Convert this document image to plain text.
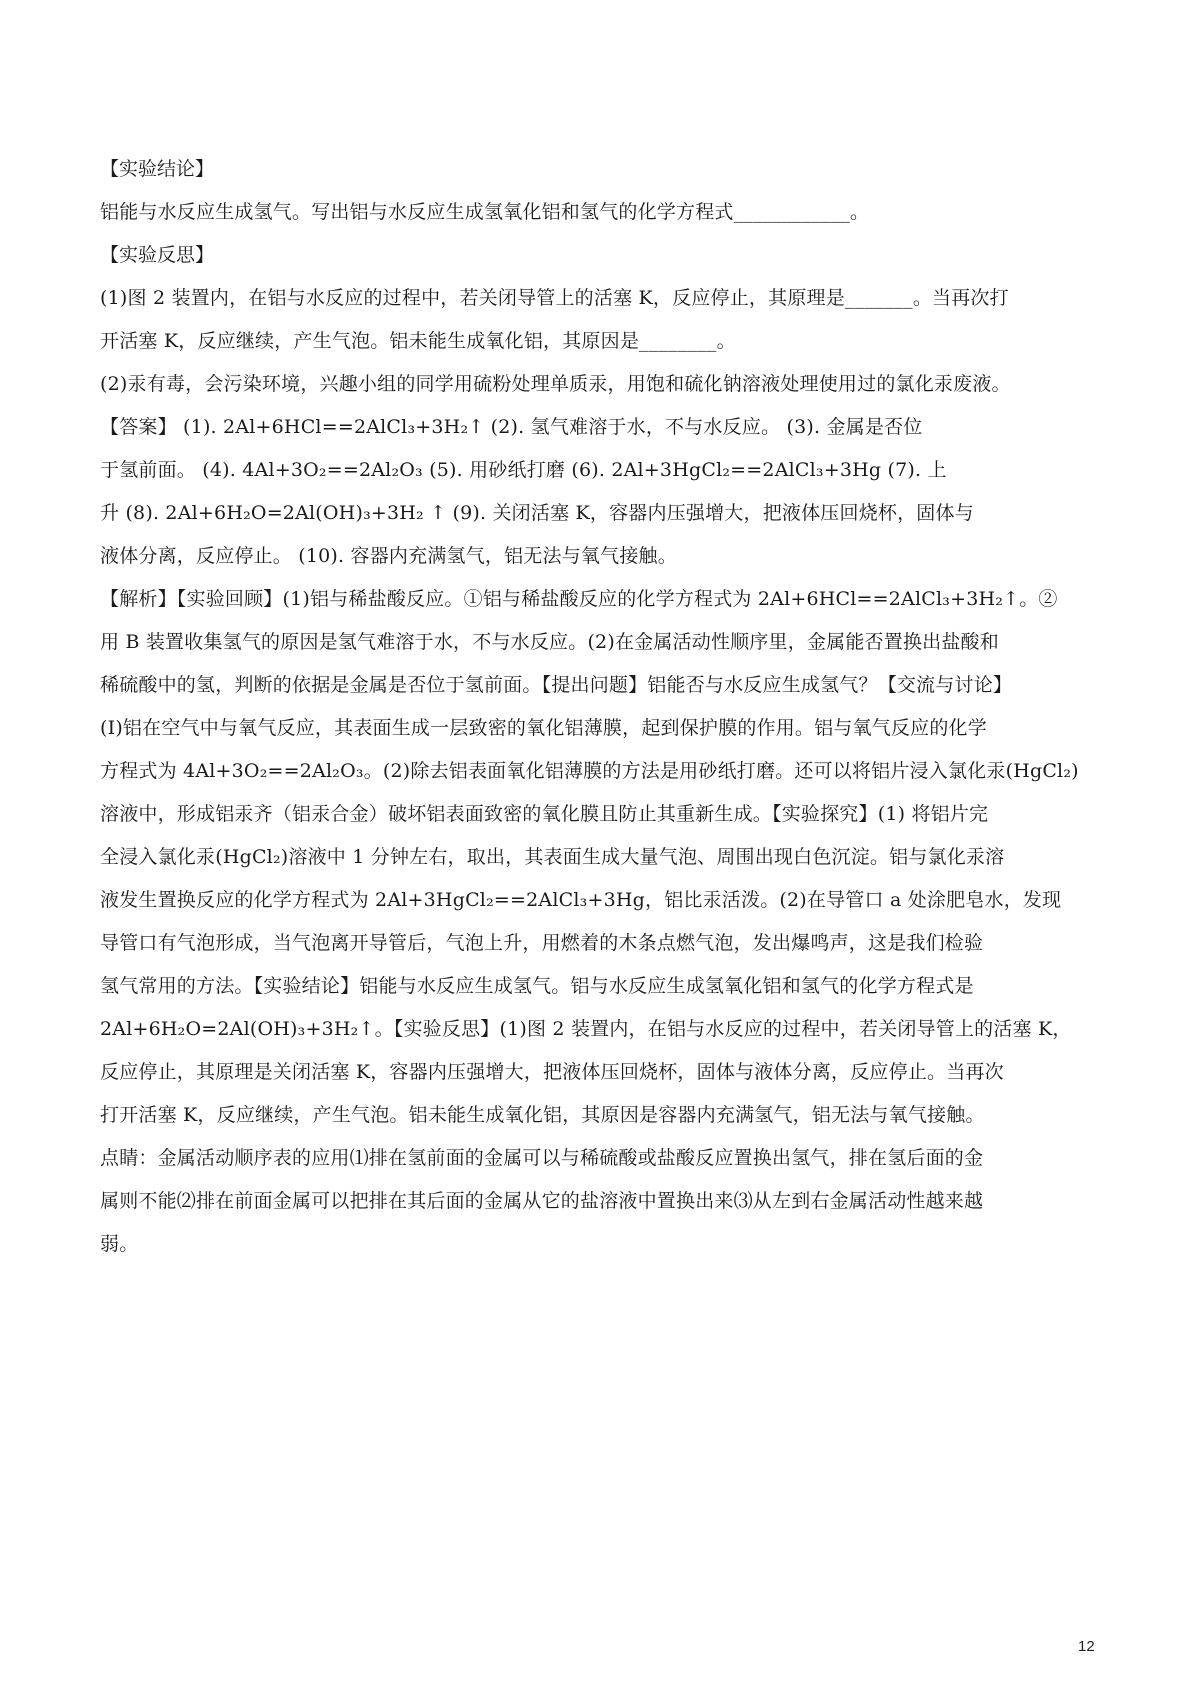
【实验结论】
铝能与水反应生成氢气。写出铝与水反应生成氢氧化铝和氢气的化学方程式____________。
【实验反思】
(1)图 2 装置内，在铝与水反应的过程中，若关闭导管上的活塞 K，反应停止，其原理是_______。当再次打
开活塞 K，反应继续，产生气泡。铝未能生成氧化铝，其原因是________。
(2)汞有毒，会污染环境，兴趣小组的同学用硫粉处理单质汞，用饱和硫化钠溶液处理使用过的氯化汞废液。
【答案】 (1). 2Al+6HCl==2AlCl₃+3H₂↑ (2). 氢气难溶于水，不与水反应。 (3). 金属是否位
于氢前面。 (4). 4Al+3O₂==2Al₂O₃ (5). 用砂纸打磨 (6). 2Al+3HgCl₂==2AlCl₃+3Hg (7). 上
升 (8). 2Al+6H₂O=2Al(OH)₃+3H₂ ↑ (9). 关闭活塞 K，容器内压强增大，把液体压回烧杯，固体与
液体分离，反应停止。 (10). 容器内充满氢气，铝无法与氧气接触。
【解析】【实验回顾】(1)铝与稀盐酸反应。①铝与稀盐酸反应的化学方程式为 2Al+6HCl==2AlCl₃+3H₂↑。②
用 B 装置收集氢气的原因是氢气难溶于水，不与水反应。(2)在金属活动性顺序里，金属能否置换出盐酸和
稀硫酸中的氢，判断的依据是金属是否位于氢前面。【提出问题】铝能否与水反应生成氢气？【交流与讨论】
(I)铝在空气中与氧气反应，其表面生成一层致密的氧化铝薄膜，起到保护膜的作用。铝与氧气反应的化学
方程式为 4Al+3O₂==2Al₂O₃。(2)除去铝表面氧化铝薄膜的方法是用砂纸打磨。还可以将铝片浸入氯化汞(HgCl₂)
溶液中，形成铝汞齐（铝汞合金）破坏铝表面致密的氧化膜且防止其重新生成。【实验探究】(1) 将铝片完
全浸入氯化汞(HgCl₂)溶液中 1 分钟左右，取出，其表面生成大量气泡、周围出现白色沉淀。铝与氯化汞溶
液发生置换反应的化学方程式为 2Al+3HgCl₂==2AlCl₃+3Hg，铝比汞活泼。(2)在导管口 a 处涂肥皂水，发现
导管口有气泡形成，当气泡离开导管后，气泡上升，用燃着的木条点燃气泡，发出爆鸣声，这是我们检验
氢气常用的方法。【实验结论】铝能与水反应生成氢气。铝与水反应生成氢氧化铝和氢气的化学方程式是
2Al+6H₂O=2Al(OH)₃+3H₂↑。【实验反思】(1)图 2 装置内，在铝与水反应的过程中，若关闭导管上的活塞 K，
反应停止，其原理是关闭活塞 K，容器内压强增大，把液体压回烧杯，固体与液体分离，反应停止。当再次
打开活塞 K，反应继续，产生气泡。铝未能生成氧化铝，其原因是容器内充满氢气，铝无法与氧气接触。
点睛：金属活动顺序表的应用⑴排在氢前面的金属可以与稀硫酸或盐酸反应置换出氢气，排在氢后面的金
属则不能⑵排在前面金属可以把排在其后面的金属从它的盐溶液中置换出来⑶从左到右金属活动性越来越
弱。
12
